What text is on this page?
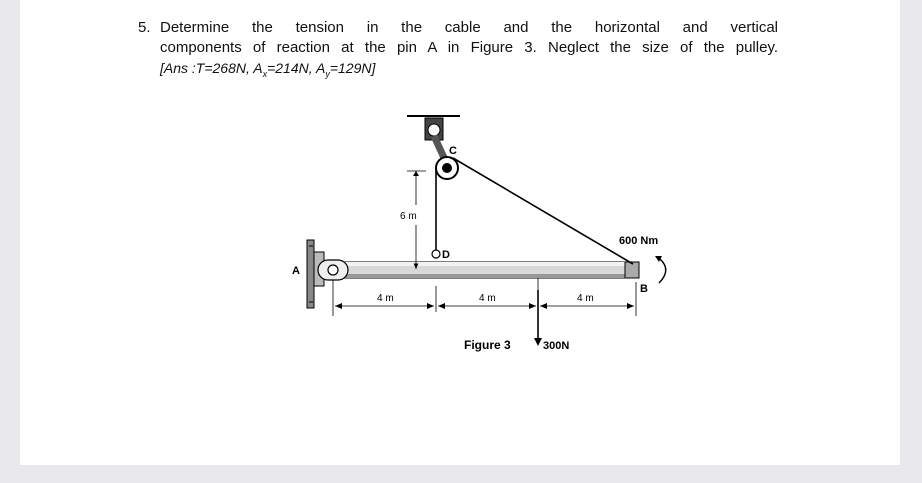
5. Determine the tension in the cable and the horizontal and vertical
components of reaction at the pin A in Figure 3. Neglect the size of the pulley.
[Ans :T=268N, $A_x=214N$, $A_y=129N$]
6 m
4 m	4 m	4 m
300N
600 Nm
A
B
C
D
Figure 3
